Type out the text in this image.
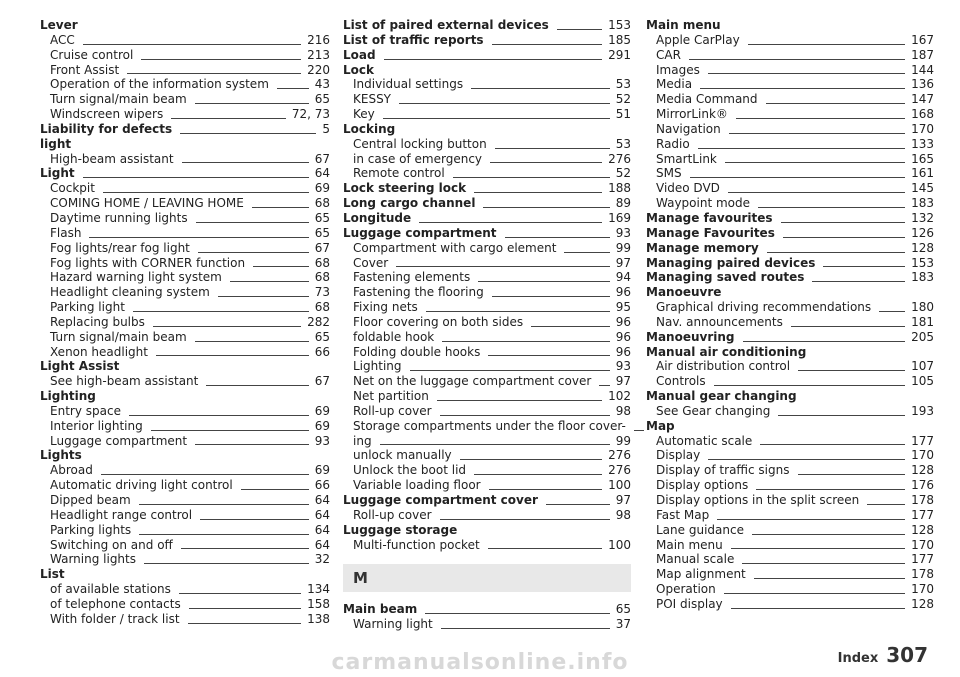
Lever
ACC	216
Cruise control	213
Front Assist	220
Operation of the information system	43
Turn signal/main beam	65
Windscreen wipers	72, 73
Liability for defects	5
light
High-beam assistant	67
Light	64
Cockpit	69
COMING HOME / LEAVING HOME	68
Daytime running lights	65
Flash	65
Fog lights/rear fog light	67
Fog lights with CORNER function	68
Hazard warning light system	68
Headlight cleaning system	73
Parking light	68
Replacing bulbs	282
Turn signal/main beam	65
Xenon headlight	66
Light Assist
See high-beam assistant	67
Lighting
Entry space	69
Interior lighting	69
Luggage compartment	93
Lights
Abroad	69
Automatic driving light control	66
Dipped beam	64
Headlight range control	64
Parking lights	64
Switching on and off	64
Warning lights	32
List
of available stations	134
of telephone contacts	158
With folder / track list	138
List of paired external devices	153
List of traffic reports	185
Load	291
Lock
Individual settings	53
KESSY	52
Key	51
Locking
Central locking button	53
in case of emergency	276
Remote control	52
Lock steering lock	188
Long cargo channel	89
Longitude	169
Luggage compartment	93
Compartment with cargo element	99
Cover	97
Fastening elements	94
Fastening the flooring	96
Fixing nets	95
Floor covering on both sides	96
foldable hook	96
Folding double hooks	96
Lighting	93
Net on the luggage compartment cover 97
Net partition	102
Roll-up cover	98
Storage compartments under the floor cover-
ing	99
unlock manually	276
Unlock the boot lid	276
Variable loading floor	100
Luggage compartment cover	97
Roll-up cover	98
Luggage storage
Multi-function pocket	100
M
Main beam	65
Warning light	37
Main menu
Apple CarPlay	167
CAR	187
Images	144
Media	136
Media Command	147
MirrorLink®	168
Navigation	170
Radio	133
SmartLink	165
SMS	161
Video DVD	145
Waypoint mode	183
Manage favourites	132
Manage Favourites	126
Manage memory	128
Managing paired devices	153
Managing saved routes	183
Manoeuvre
Graphical driving recommendations	180
Nav. announcements	181
Manoeuvring	205
Manual air conditioning
Air distribution control	107
Controls	105
Manual gear changing
See Gear changing	193
Map
Automatic scale	177
Display	170
Display of traffic signs	128
Display options	176
Display options in the split screen	178
Fast Map	177
Lane guidance	128
Main menu	170
Manual scale	177
Map alignment	178
Operation	170
POI display	128
Index 307
carmanualsonline.info
